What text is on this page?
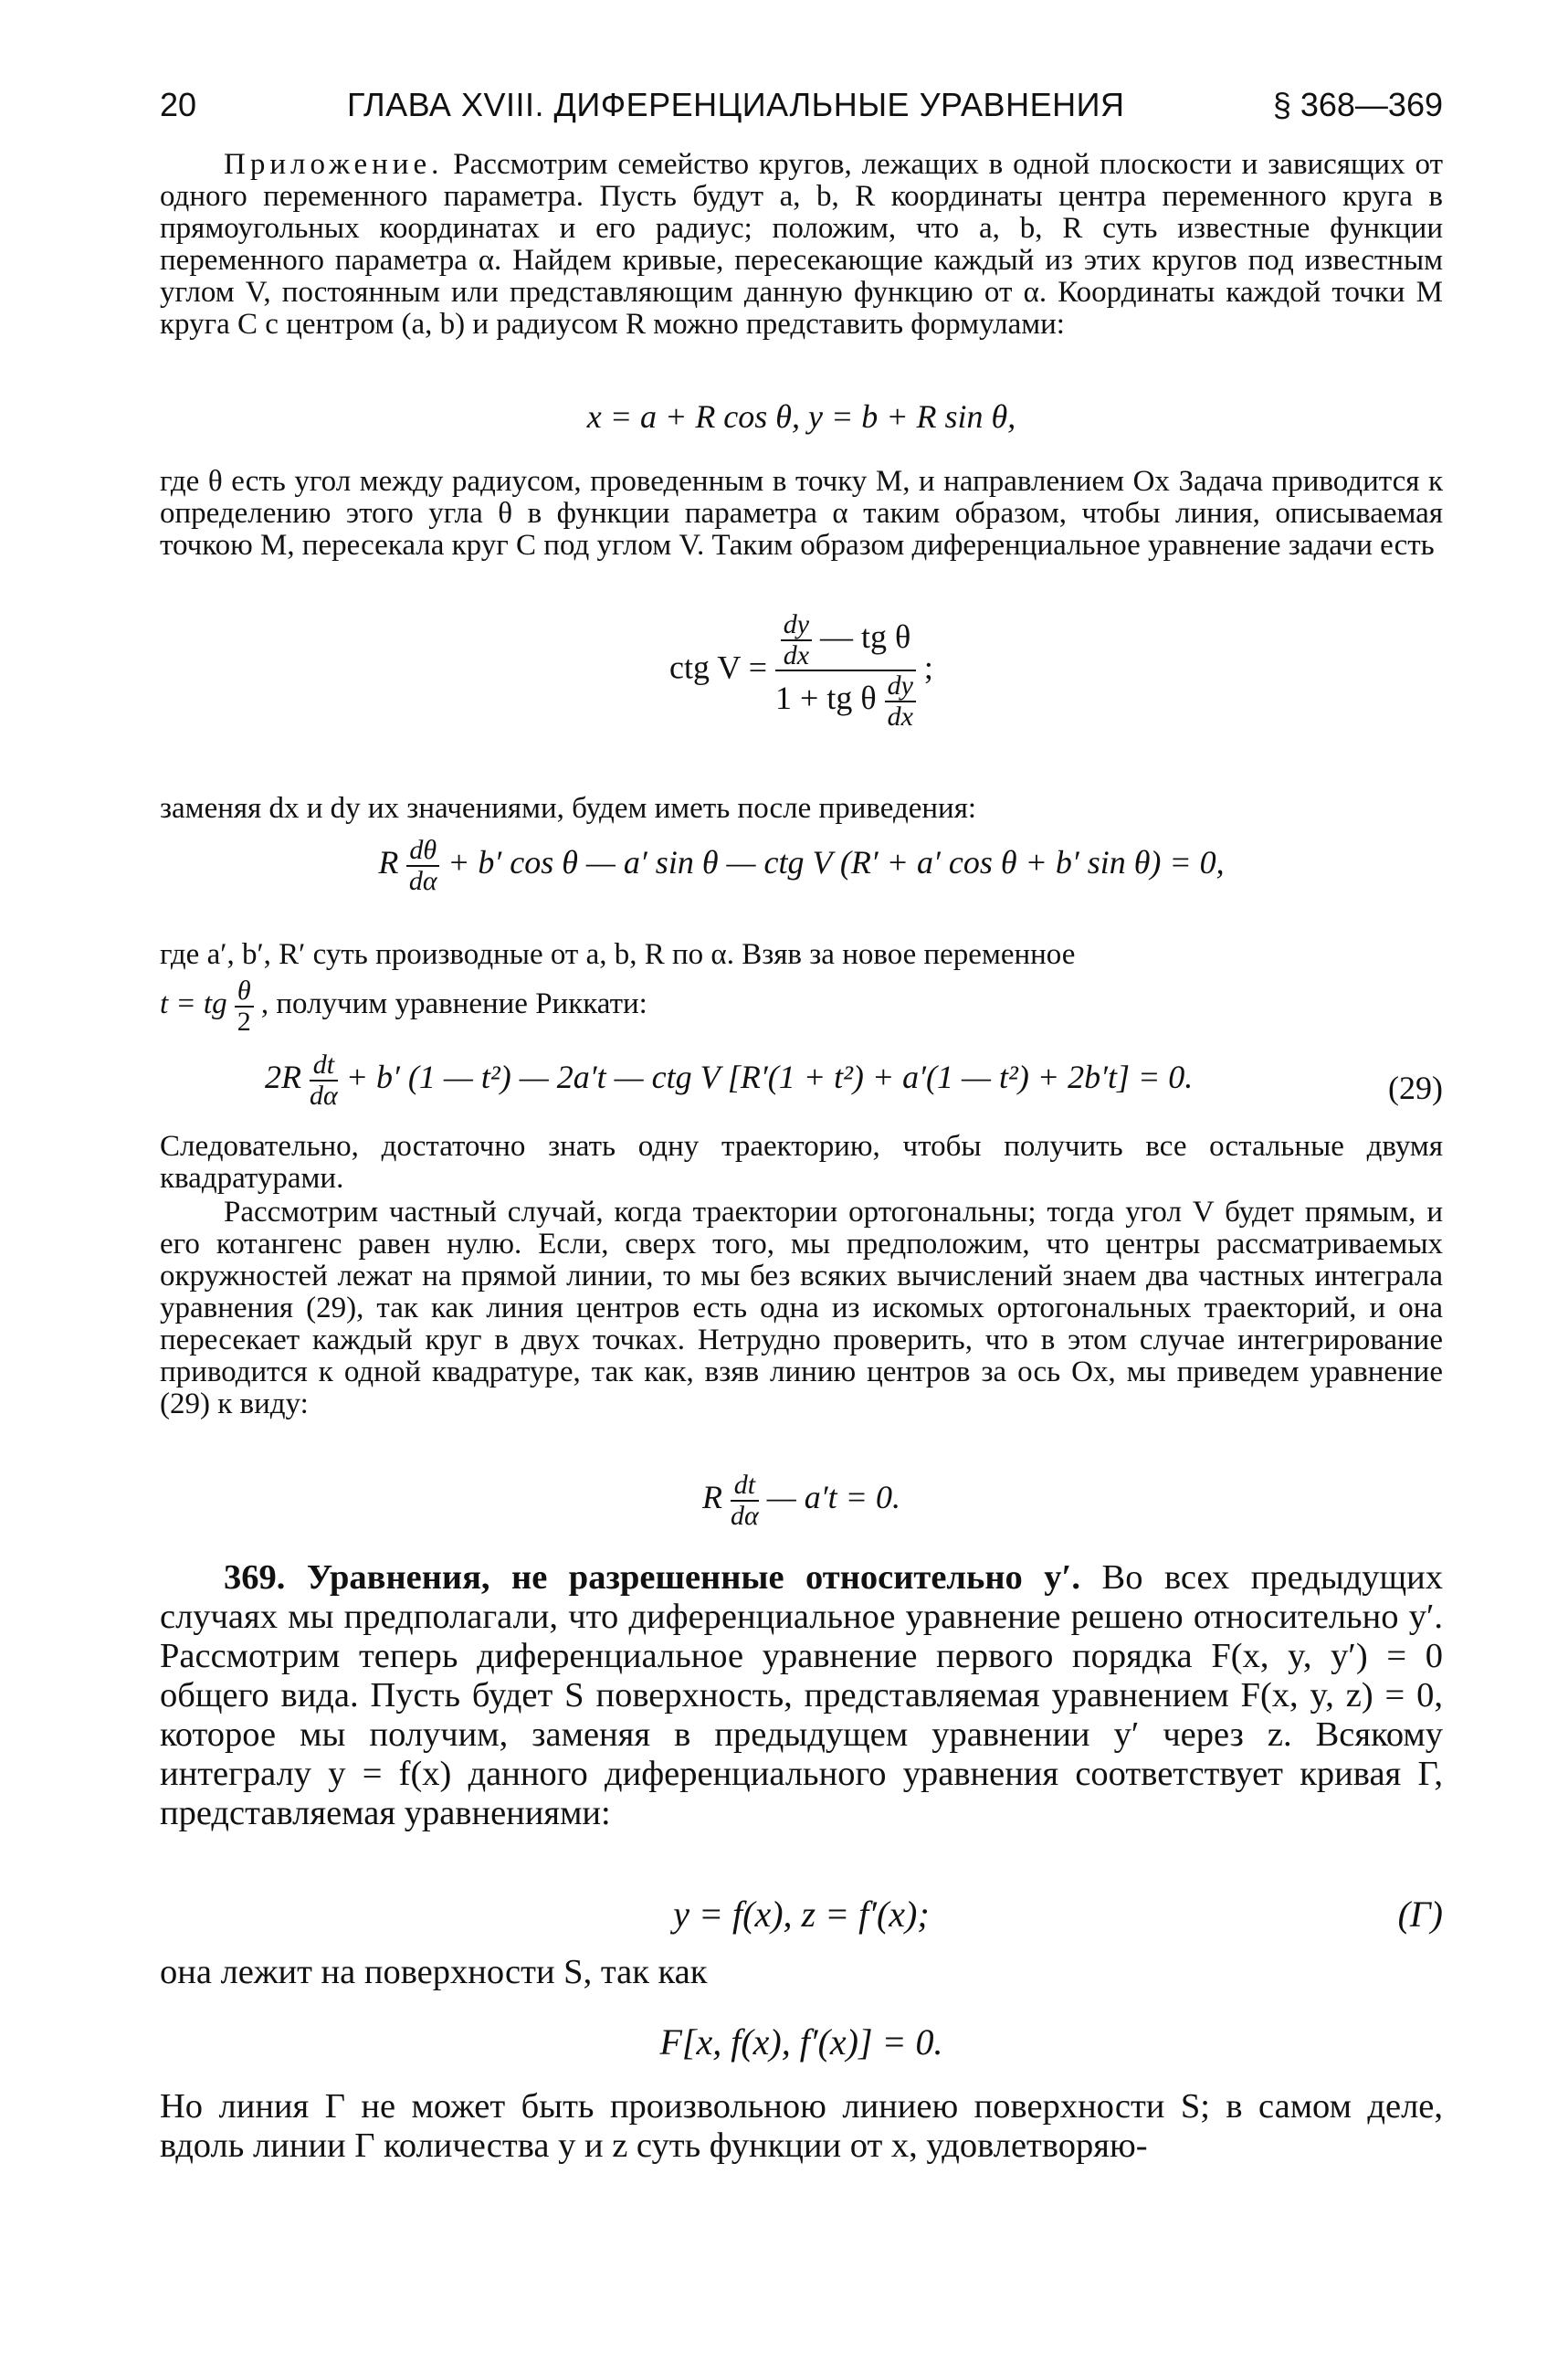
20	ГЛАВА XVIII. ДИФЕРЕНЦИАЛЬНЫЕ УРАВНЕНИЯ	§ 368—369

Приложение. Рассмотрим семейство кругов, лежащих в одной плоскости и зависящих от одного переменного параметра. Пусть будут a, b, R координаты центра переменного круга в прямоугольных координатах и его радиус; положим, что a, b, R суть известные функции переменного параметра α. Найдем кривые, пересекающие каждый из этих кругов под известным углом V, постоянным или представляющим данную функцию от α. Координаты каждой точки M круга C с центром (a, b) и радиусом R можно представить формулами:

x = a + R cos θ, y = b + R sin θ,

где θ есть угол между радиусом, проведенным в точку M, и направлением Ox Задача приводится к определению этого угла θ в функции параметра α таким образом, чтобы линия, описываемая точкою M, пересекала круг C под углом V. Таким образом диференциальное уравнение задачи есть

ctg $V = \frac{\frac{dy}{dx} — tg \theta}{1 + tg \theta \frac{dy}{dx}}$ ;

заменяя dx и dy их значениями, будем иметь после приведения:

R $\frac{d\theta}{d\alpha} + b'$ cos θ — a′ sin θ — ctg V (R′ + a′ cos θ + b′ sin θ) = 0,

где a′, b′, R′ суть производные от a, b, R по α. Взяв за новое переменное

t = tg $\frac{\theta}{2}$ , получим уравнение Риккати:

$2R \frac{dt}{d\alpha} + b'$ (1 — t²) — 2a′t — ctg V [R′(1 + t²) + a′(1 — t²) + 2b′t] = 0.	(29)

Следовательно, достаточно знать одну траекторию, чтобы получить все остальные двумя квадратурами.

Рассмотрим частный случай, когда траектории ортогональны; тогда угол V будет прямым, и его котангенс равен нулю. Если, сверх того, мы предположим, что центры рассматриваемых окружностей лежат на прямой линии, то мы без всяких вычислений знаем два частных интеграла уравнения (29), так как линия центров есть одна из искомых ортогональных траекторий, и она пересекает каждый круг в двух точках. Нетрудно проверить, что в этом случае интегрирование приводится к одной квадратуре, так как, взяв линию центров за ось Ox, мы приведем уравнение (29) к виду:

R $\frac{dt}{d\alpha}$ — a′t = 0.

369. Уравнения, не разрешенные относительно y′. Во всех предыдущих случаях мы предполагали, что диференциальное уравнение решено относительно y′. Рассмотрим теперь диференциальное уравнение первого порядка F(x, y, y′) = 0 общего вида. Пусть будет S поверхность, представляемая уравнением F(x, y, z) = 0, которое мы получим, заменяя в предыдущем уравнении y′ через z. Всякому интегралу y = f(x) данного диференциального уравнения соответствует кривая Г, представляемая уравнениями:

y = f(x), z = f′(x);	(Г)

она лежит на поверхности S, так как

F[x, f(x), f′(x)] = 0.

Но линия Г не может быть произвольною линиею поверхности S; в самом деле, вдоль линии Г количества y и z суть функции от x, удовлетворяю-
